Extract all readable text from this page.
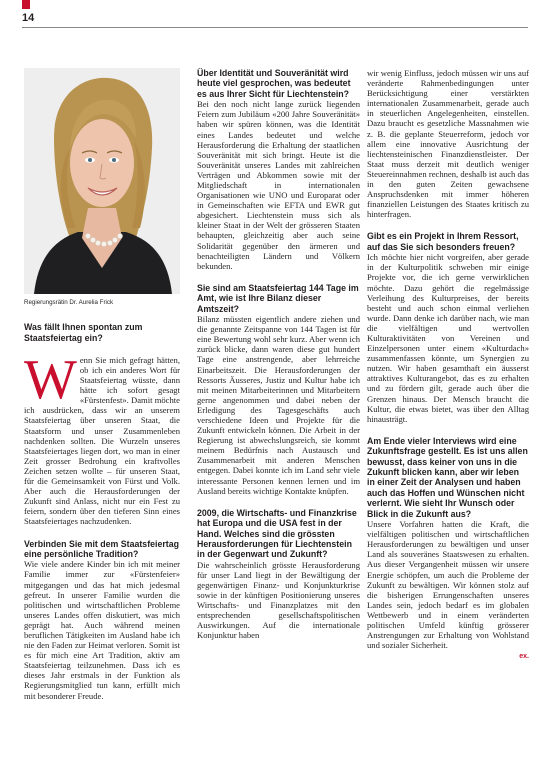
14
Regierungsrätin Dr. Aurelia Frick

Was fällt Ihnen spontan zum Staatsfeiertag ein?

W enn Sie mich gefragt hätten, ob ich ein anderes Wort für Staatsfeiertag wüsste, dann hätte ich sofort gesagt «Fürstenfest». Damit möchte ich ausdrücken, dass wir an unserem Staatsfeiertag über unseren Staat, die Staatsform und unser Zusammenleben nachdenken sollten. Die Wurzeln unseres Staatsfeiertages liegen dort, wo man in einer Zeit grosser Bedrohung ein kraftvolles Zeichen setzen wollte – für unseren Staat, für die Gemeinsamkeit von Fürst und Volk. Aber auch die Herausforderungen der Zukunft sind Anlass, nicht nur ein Fest zu feiern, sondern über den tieferen Sinn eines Staatsfeiertages nachzudenken.

Verbinden Sie mit dem Staatsfeiertag eine persönliche Tradition?

Wie viele andere Kinder bin ich mit meiner Familie immer zur «Fürstenfeier» mitgegangen und das hat mich jedesmal gefreut. In unserer Familie wurden die politischen und wirtschaftlichen Probleme unseres Landes offen diskutiert, was mich geprägt hat. Auch während meinen beruflichen Tätigkeiten im Ausland habe ich nie den Faden zur Heimat verloren. Somit ist es für mich eine Art Tradition, aktiv am Staatsfeiertag teilzunehmen. Dass ich es dieses Jahr erstmals in der Funktion als Regierungsmitglied tun kann, erfüllt mich mit besonderer Freude.

Über Identität und Souveränität wird heute viel gesprochen, was bedeutet es aus Ihrer Sicht für Liechtenstein?

Bei den noch nicht lange zurück liegenden Feiern zum Jubiläum «200 Jahre Souveränität» haben wir spüren können, was die Identität eines Landes bedeutet und welche Herausforderung die Erhaltung der staatlichen Souveränität mit sich bringt. Heute ist die Souveränität unseres Landes mit zahlreichen Verträgen und Abkommen sowie mit der Mitgliedschaft in internationalen Organisationen wie UNO und Europarat oder in Gemeinschaften wie EFTA und EWR gut abgesichert. Liechtenstein muss sich als kleiner Staat in der Welt der grösseren Staaten behaupten, gleichzeitig aber auch seine Solidarität gegenüber den ärmeren und benachteiligten Ländern und Völkern bekunden.

Sie sind am Staatsfeiertag 144 Tage im Amt, wie ist Ihre Bilanz dieser Amtszeit?

Bilanz müssten eigentlich andere ziehen und die genannte Zeitspanne von 144 Tagen ist für eine Bewertung wohl sehr kurz. Aber wenn ich zurück blicke, dann waren diese gut hundert Tage eine anstrengende, aber lehrreiche Einarbeitszeit. Die Herausforderungen der Ressorts Äusseres, Justiz und Kultur habe ich mit meinen Mitarbeiterinnen und Mitarbeitern gerne angenommen und dabei neben der Erledigung des Tagesgeschäfts auch verschiedene Ideen und Projekte für die Zukunft entwickeln können. Die Arbeit in der Regierung ist abwechslungsreich, sie kommt meinem Bedürfnis nach Austausch und Zusammenarbeit mit anderen Menschen entgegen. Dabei konnte ich im Land sehr viele interessante Personen kennen lernen und im Ausland bereits wichtige Kontakte knüpfen.

2009, die Wirtschafts- und Finanzkrise hat Europa und die USA fest in der Hand. Welches sind die grössten Herausforderungen für Liechtenstein in der Gegenwart und Zukunft?

Die wahrscheinlich grösste Herausforderung für unser Land liegt in der Bewältigung der gegenwärtigen Finanz- und Konjunkturkrise sowie in der künftigen Positionierung unseres Wirtschafts- und Finanzplatzes mit den entsprechenden gesellschaftspolitischen Auswirkungen. Auf die internationale Konjunktur haben

wir wenig Einfluss, jedoch müssen wir uns auf veränderte Rahmenbedingungen unter Berücksichtigung einer verstärkten internationalen Zusammenarbeit, gerade auch in steuerlichen Angelegenheiten, einstellen. Dazu braucht es gesetzliche Massnahmen wie z. B. die geplante Steuerreform, jedoch vor allem eine innovative Ausrichtung der liechtensteinischen Finanzdienstleister. Der Staat muss derzeit mit deutlich weniger Steuereinnahmen rechnen, deshalb ist auch das in den guten Zeiten gewachsene Anspruchsdenken mit immer höheren finanziellen Leistungen des Staates kritisch zu hinterfragen.

Gibt es ein Projekt in Ihrem Ressort, auf das Sie sich besonders freuen?

Ich möchte hier nicht vorgreifen, aber gerade in der Kulturpolitik schweben mir einige Projekte vor, die ich gerne verwirklichen möchte. Dazu gehört die regelmässige Verleihung des Kulturpreises, der bereits besteht und auch schon einmal verliehen wurde. Dann denke ich darüber nach, wie man die vielfältigen und wertvollen Kulturaktivitäten von Vereinen und Einzelpersonen unter einem «Kulturdach» zusammenfassen könnte, um Synergien zu nutzen. Wir haben gesamthaft ein äusserst attraktives Kulturangebot, das es zu erhalten und zu fördern gilt, gerade auch über die Grenzen hinaus. Der Mensch braucht die Kultur, die etwas bietet, was über den Alltag hinausträgt.

Am Ende vieler Interviews wird eine Zukunftsfrage gestellt. Es ist uns allen bewusst, dass keiner von uns in die Zukunft blicken kann, aber wir leben in einer Zeit der Analysen und haben auch das Hoffen und Wünschen nicht verlernt. Wie sieht Ihr Wunsch oder Blick in die Zukunft aus?

Unsere Vorfahren hatten die Kraft, die vielfältigen politischen und wirtschaftlichen Herausforderungen zu bewältigen und unser Land als souveränes Staatswesen zu erhalten. Aus dieser Vergangenheit müssen wir unsere Energie schöpfen, um auch die Probleme der Zukunft zu bewältigen. Wir können stolz auf die bisherigen Errungenschaften unseres Landes sein, jedoch bedarf es im globalen Wettbewerb und in einem veränderten politischen Umfeld künftig grösserer Anstrengungen zur Erhaltung von Wohlstand und sozialer Sicherheit.

ex.
